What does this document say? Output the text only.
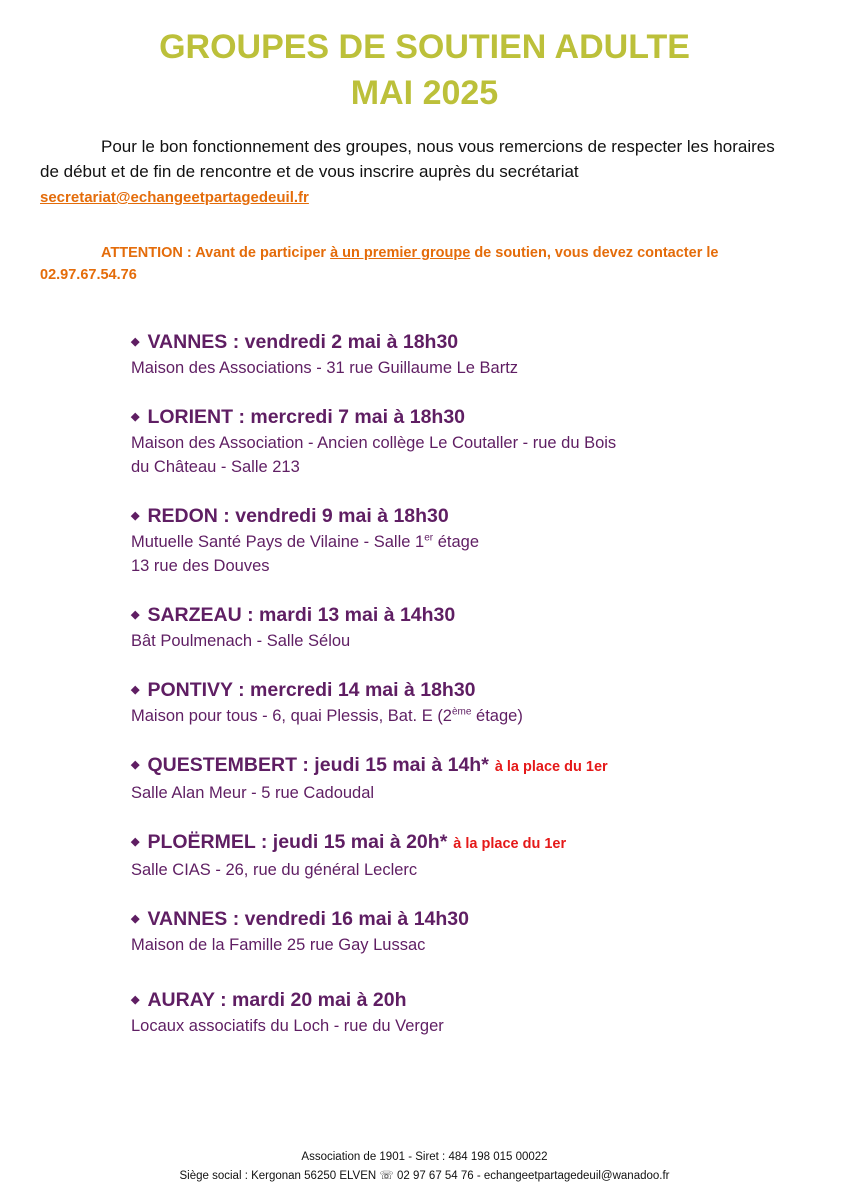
GROUPES DE SOUTIEN ADULTE
MAI 2025
Pour le bon fonctionnement des groupes, nous vous remercions de respecter les horaires de début et de fin de rencontre et de vous inscrire auprès du secrétariat secretariat@echangeetpartagedeuil.fr
ATTENTION : Avant de participer à un premier groupe de soutien, vous devez contacter le 02.97.67.54.76
◆ VANNES : vendredi 2 mai à 18h30
Maison des Associations - 31 rue Guillaume Le Bartz
◆ LORIENT : mercredi 7 mai à 18h30
Maison des Association - Ancien collège Le Coutaller - rue du Bois
du Château - Salle 213
◆ REDON : vendredi 9 mai à 18h30
Mutuelle Santé Pays de Vilaine - Salle 1er étage
13 rue des Douves
◆ SARZEAU : mardi 13 mai à 14h30
Bât Poulmenach - Salle Sélou
◆ PONTIVY : mercredi 14 mai à 18h30
Maison pour tous - 6, quai Plessis, Bat. E (2ème étage)
◆ QUESTEMBERT : jeudi 15 mai à 14h* à la place du 1er
Salle Alan Meur - 5 rue Cadoudal
◆ PLOËRMEL : jeudi 15 mai à 20h* à la place du 1er
Salle CIAS - 26, rue du général Leclerc
◆ VANNES : vendredi 16 mai à 14h30
Maison de la Famille 25 rue Gay Lussac
◆ AURAY : mardi 20 mai à 20h
Locaux associatifs du Loch - rue du Verger
Association de 1901 - Siret : 484 198 015 00022
Siège social : Kergonan 56250 ELVEN ☏ 02 97 67 54 76 - echangeetpartagedeuil@wanadoo.fr
